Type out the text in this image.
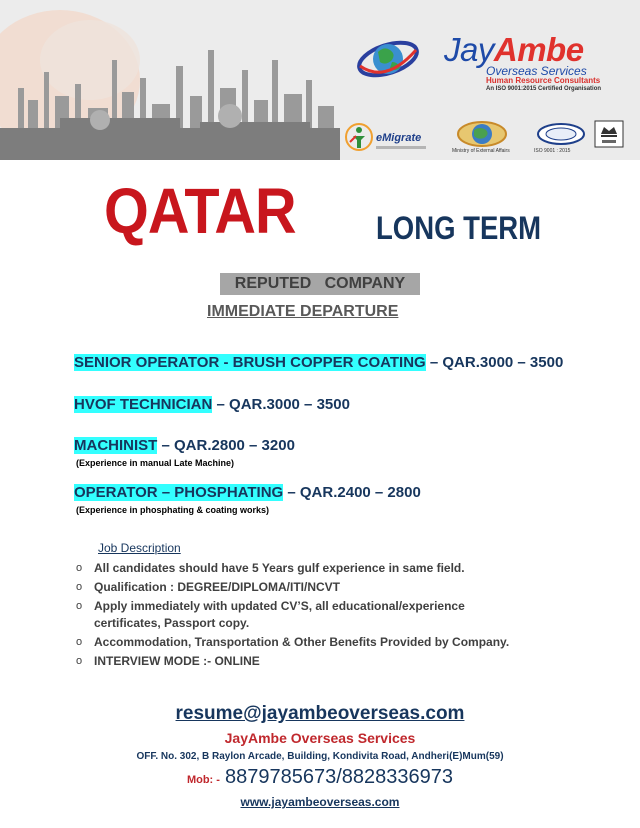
JayAmbe
Overseas Services
Human Resource Consultants
An ISO 9001:2015 Certified Organisation
eMigrate
Ministry of External Affairs	ISO 9001 : 2015
QATAR	LONG TERM
REPUTED   COMPANY
IMMEDIATE DEPARTURE
SENIOR OPERATOR - BRUSH COPPER COATING – QAR.3000 – 3500
HVOF TECHNICIAN – QAR.3000 – 3500
MACHINIST – QAR.2800 – 3200
(Experience in manual Late Machine)
OPERATOR – PHOSPHATING – QAR.2400 – 2800
(Experience in phosphating & coating works)
Job Description
o All candidates should have 5 Years gulf experience in same field.
o Qualification : DEGREE/DIPLOMA/ITI/NCVT
o Apply immediately with updated CV’S, all educational/experience certificates, Passport copy.
o Accommodation, Transportation & Other Benefits Provided by Company.
o INTERVIEW MODE :- ONLINE
resume@jayambeoverseas.com
JayAmbe Overseas Services
OFF. No. 302, B Raylon Arcade, Building, Kondivita Road, Andheri(E)Mum(59)
Mob: - 8879785673/8828336973
www.jayambeoverseas.com
